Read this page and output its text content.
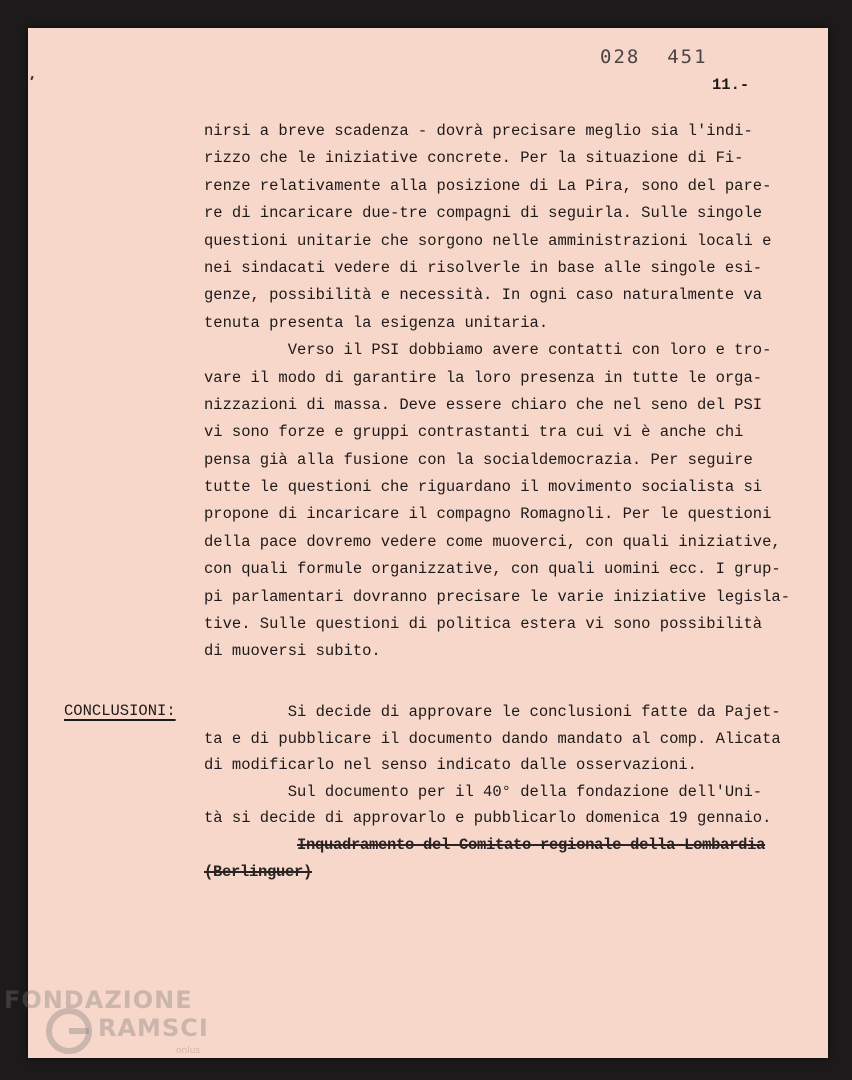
028  451
11.-
nirsi a breve scadenza - dovrà precisare meglio sia l'indi-
rizzo che le iniziative concrete. Per la situazione di Fi-
renze relativamente alla posizione di La Pira, sono del pare-
re di incaricare due-tre compagni di seguirla. Sulle singole
questioni unitarie che sorgono nelle amministrazioni locali e
nei sindacati vedere di risolverle in base alle singole esi-
genze, possibilità e necessità. In ogni caso naturalmente va
tenuta presenta la esigenza unitaria.
Verso il PSI dobbiamo avere contatti con loro e tro-
vare il modo di garantire la loro presenza in tutte le orga-
nizzazioni di massa. Deve essere chiaro che nel seno del PSI
vi sono forze e gruppi contrastanti tra cui vi è anche chi
pensa già alla fusione con la socialdemocrazia. Per seguire
tutte le questioni che riguardano il movimento socialista si
propone di incaricare il compagno Romagnoli. Per le questioni
della pace dovremo vedere come muoverci, con quali iniziative,
con quali formule organizzative, con quali uomini ecc. I grup-
pi parlamentari dovranno precisare le varie iniziative legisla-
tive. Sulle questioni di politica estera vi sono possibilità
di muoversi subito.
CONCLUSIONI: Si decide di approvare le conclusioni fatte da Pajet-
ta e di pubblicare il documento dando mandato al comp. Alicata
di modificarlo nel senso indicato dalle osservazioni.
Sul documento per il 40° della fondazione dell'Uni-
tà si decide di approvarlo e pubblicarlo domenica 19 gennaio.
Inquadramento del Comitato regionale della Lombardia
(Berlinguer)
FONDAZIONE
RAMSCI
onlus
